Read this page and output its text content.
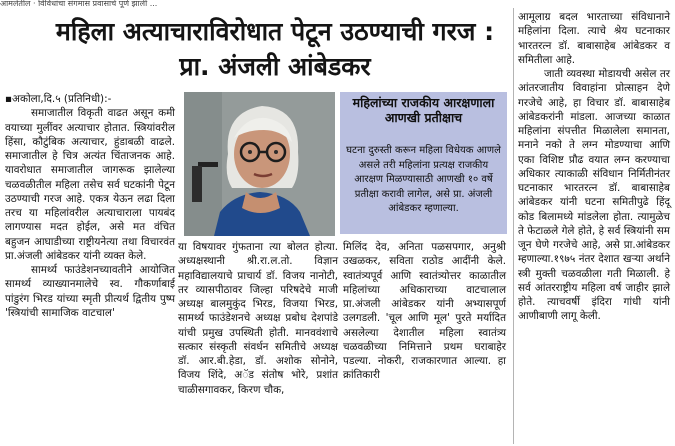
आमलेतील · विविधांचा संगमास प्रवासाचे पूर्ण झाली ...
महिला अत्याचाराविरोधात पेटून उठण्याची गरज : प्रा. अंजली आंबेडकर

▪अकोला,दि.५ (प्रतिनिधी):-

समाजातील विकृती वाढत असून कमी वयाच्या मुलींवर अत्याचार होतात. स्त्रियांवरील हिंसा, कौटुंबिक अत्याचार, हुंडाबळी वाढले. समाजातील हे चित्र अत्यंत चिंताजनक आहे. यावरोधात समाजातील जागरूक झालेल्या चळवळीतील महिला तसेच सर्व घटकांनी पेटून उठण्याची गरज आहे. एकत्र येऊन लढा दिला तरच या महिलांवरील अत्याचाराला पायबंद लागण्यास मदत होईल, असे मत वंचित बहुजन आघाडीच्या राष्ट्रीयनेत्या तथा विचारवंत प्रा.अंजली आंबेडकर यांनी व्यक्त केले.

सामर्थ्य फाउंडेशनच्यावतीने आयोजित सामर्थ्य व्याख्यानमालेचे स्व. गौकर्णाबाई पांडुरंग भिरड यांच्या स्मृती प्रीत्यर्थ द्वितीय पुष्प 'स्त्रियांची सामाजिक वाटचाल'

महिलांच्या राजकीय आरक्षणाला आणखी प्रतीक्षाच

घटना दुरुस्ती करून महिला विधेयक आणले असले तरी महिलांना प्रत्यक्ष राजकीय आरक्षण मिळण्यासाठी आणखी १० वर्षे प्रतीक्षा करावी लागेल, असे प्रा. अंजली आंबेडकर म्हणाल्या.

या विषयावर गुंफताना त्या बोलत होत्या. अध्यक्षस्थानी श्री.रा.ल.तो. विज्ञान महाविद्यालयाचे प्राचार्य डॉ. विजय नानोटी, तर व्यासपीठावर जिल्हा परिषदेचे माजी अध्यक्ष बालमुकुंद भिरड, विजया भिरड, सामर्थ्य फाउंडेशनचे अध्यक्ष प्रबोध देशपांडे यांची प्रमुख उपस्थिती होती. मानववंशाचे सत्कार संस्कृती संवर्धन समितीचे अध्यक्ष डॉ. आर.बी.हेडा, डॉ. अशोक सोनोने, विजय शिंदे, अॅड संतोष भोरे, प्रशांत चाळीसगावकर, किरण चौक,

मिलिंद देव, अनिता पळसपगार, अनुश्री उखळकर, सविता राठोड आदींनी केले. स्वातंत्र्यपूर्व आणि स्वातंत्र्योत्तर काळातील महिलांच्या अधिकाराच्या वाटचालाल प्रा.अंजली आंबेडकर यांनी अभ्यासपूर्ण उलगडली. 'चूल आणि मूल' पुरते मर्यादित असलेल्या देशातील महिला स्वातंत्र्य चळवळीच्या निमित्ताने प्रथम घराबाहेर पडल्या. नोकरी, राजकारणात आल्या. हा क्रांतिकारी

आमूलाग्र बदल भारताच्या संविधानाने महिलांना दिला. त्याचे श्रेय घटनाकार भारतरत्न डॉ. बाबासाहेब आंबेडकर व समितीला आहे.

जाती व्यवस्था मोडायची असेल तर आंतरजातीय विवाहांना प्रोत्साहन देणे गरजेचे आहे, हा विचार डॉ. बाबासाहेब आंबेडकरांनी मांडला. आजच्या काळात महिलांना संपत्तीत मिळालेला समानता, मनाने नको ते लग्न मोडण्याचा आणि एका विशिष्ट प्रौढ वयात लग्न करण्याचा अधिकार त्याकाळी संविधान निर्मितीनंतर घटनाकार भारतरत्न डॉ. बाबासाहेब आंबेडकर यांनी घटना समितीपुढे हिंदू कोड बिलामध्ये मांडलेला होता. त्यामुळेच ते फेटाळले गेले होते, हे सर्व स्त्रियांनी सम जून घेणे गरजेचे आहे, असे प्रा.आंबेडकर म्हणाल्या.१९७५ नंतर देशात खऱ्या अर्थाने स्त्री मुक्ती चळवळीला गती मिळाली. हे सर्व आंतरराष्ट्रीय महिला वर्ष जाहीर झाले होते. त्याचवर्षी इंदिरा गांधी यांनी आणीबाणी लागू केली.
